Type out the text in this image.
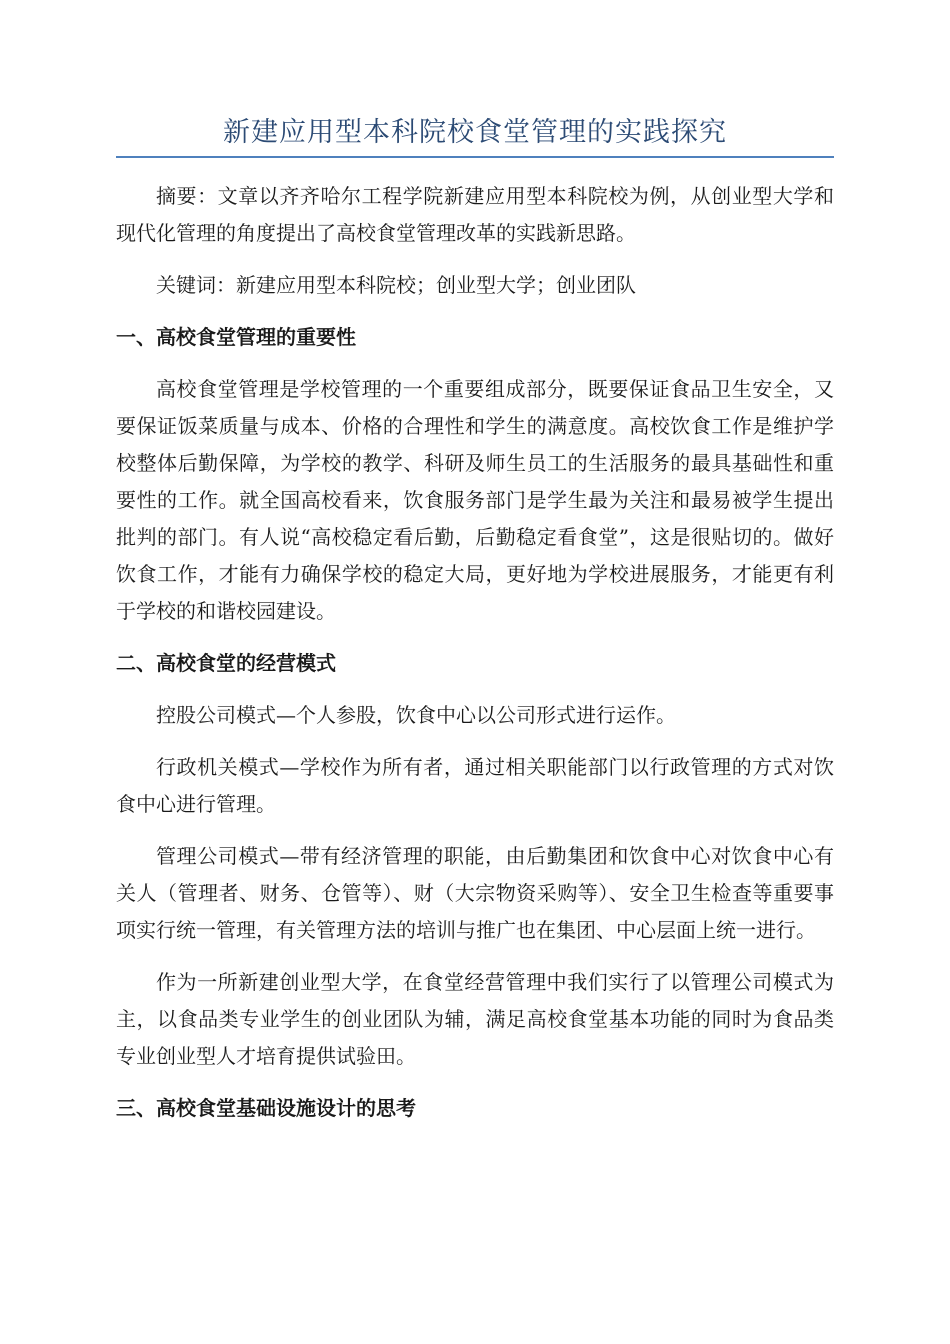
新建应用型本科院校食堂管理的实践探究

摘要：文章以齐齐哈尔工程学院新建应用型本科院校为例，从创业型大学和现代化管理的角度提出了高校食堂管理改革的实践新思路。

关键词：新建应用型本科院校；创业型大学；创业团队

一、高校食堂管理的重要性

高校食堂管理是学校管理的一个重要组成部分，既要保证食品卫生安全，又要保证饭菜质量与成本、价格的合理性和学生的满意度。高校饮食工作是维护学校整体后勤保障，为学校的教学、科研及师生员工的生活服务的最具基础性和重要性的工作。就全国高校看来，饮食服务部门是学生最为关注和最易被学生提出批判的部门。有人说“高校稳定看后勤，后勤稳定看食堂”，这是很贴切的。做好饮食工作，才能有力确保学校的稳定大局，更好地为学校进展服务，才能更有利于学校的和谐校园建设。

二、高校食堂的经营模式

控股公司模式—个人参股，饮食中心以公司形式进行运作。

行政机关模式—学校作为所有者，通过相关职能部门以行政管理的方式对饮食中心进行管理。

管理公司模式—带有经济管理的职能，由后勤集团和饮食中心对饮食中心有关人（管理者、财务、仓管等）、财（大宗物资采购等）、安全卫生检查等重要事项实行统一管理，有关管理方法的培训与推广也在集团、中心层面上统一进行。

作为一所新建创业型大学，在食堂经营管理中我们实行了以管理公司模式为主，以食品类专业学生的创业团队为辅，满足高校食堂基本功能的同时为食品类专业创业型人才培育提供试验田。

三、高校食堂基础设施设计的思考
